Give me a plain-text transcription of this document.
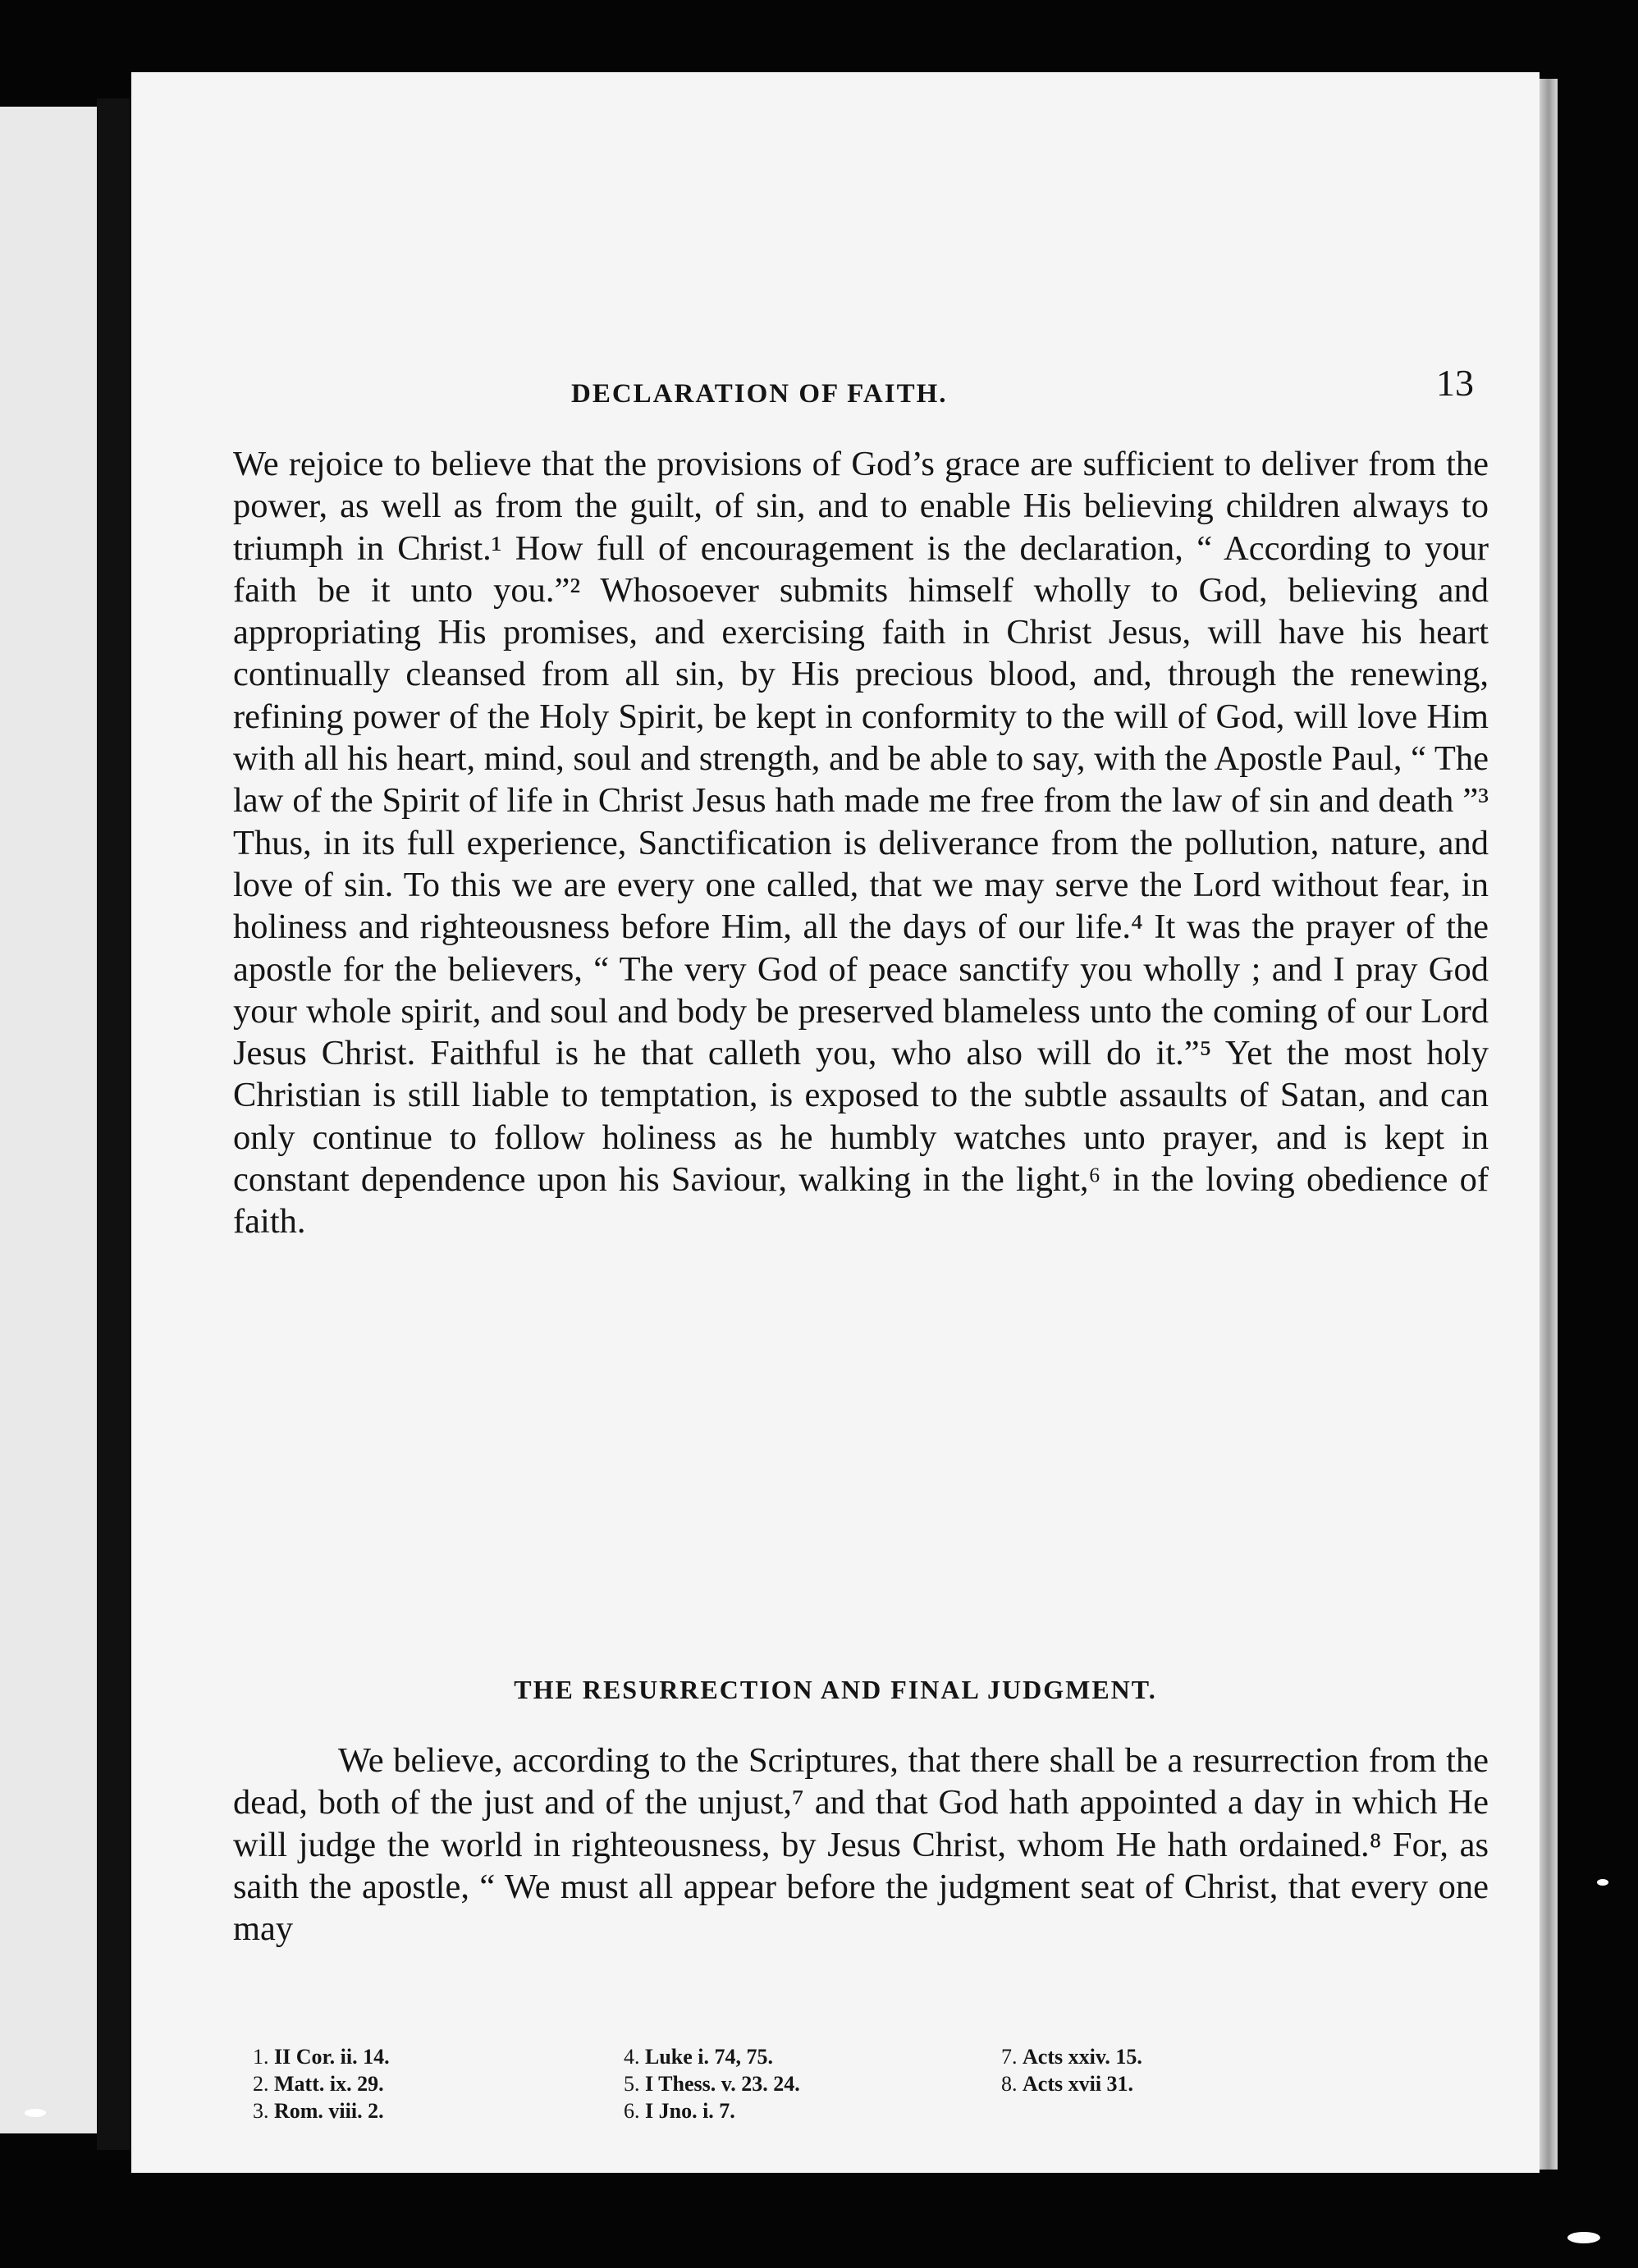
DECLARATION OF FAITH.	13

We rejoice to believe that the provisions of God’s grace are sufficient to deliver from the power, as well as from the guilt, of sin, and to enable His believing children always to triumph in Christ.¹ How full of encouragement is the declaration, “ According to your faith be it unto you.”² Whosoever submits himself wholly to God, believing and appropriating His promises, and exercising faith in Christ Jesus, will have his heart continually cleansed from all sin, by His precious blood, and, through the renewing, refining power of the Holy Spirit, be kept in conformity to the will of God, will love Him with all his heart, mind, soul and strength, and be able to say, with the Apostle Paul, “ The law of the Spirit of life in Christ Jesus hath made me free from the law of sin and death ”³ Thus, in its full experience, Sanctification is deliverance from the pollution, nature, and love of sin. To this we are every one called, that we may serve the Lord without fear, in holiness and righteousness before Him, all the days of our life.⁴ It was the prayer of the apostle for the believers, “ The very God of peace sanctify you wholly ; and I pray God your whole spirit, and soul and body be preserved blameless unto the coming of our Lord Jesus Christ. Faithful is he that calleth you, who also will do it.”⁵ Yet the most holy Christian is still liable to temptation, is exposed to the subtle assaults of Satan, and can only continue to follow holiness as he humbly watches unto prayer, and is kept in constant dependence upon his Saviour, walking in the light,⁶ in the loving obedience of faith.

THE RESURRECTION AND FINAL JUDGMENT.

We believe, according to the Scriptures, that there shall be a resurrection from the dead, both of the just and of the unjust,⁷ and that God hath appointed a day in which He will judge the world in righteousness, by Jesus Christ, whom He hath ordained.⁸ For, as saith the apostle, “ We must all appear before the judgment seat of Christ, that every one may

1. II Cor. ii. 14.
2. Matt. ix. 29.
3. Rom. viii. 2.
4. Luke i. 74, 75.
5. I Thess. v. 23. 24.
6. I Jno. i. 7.
7. Acts xxiv. 15.
8. Acts xvii 31.
